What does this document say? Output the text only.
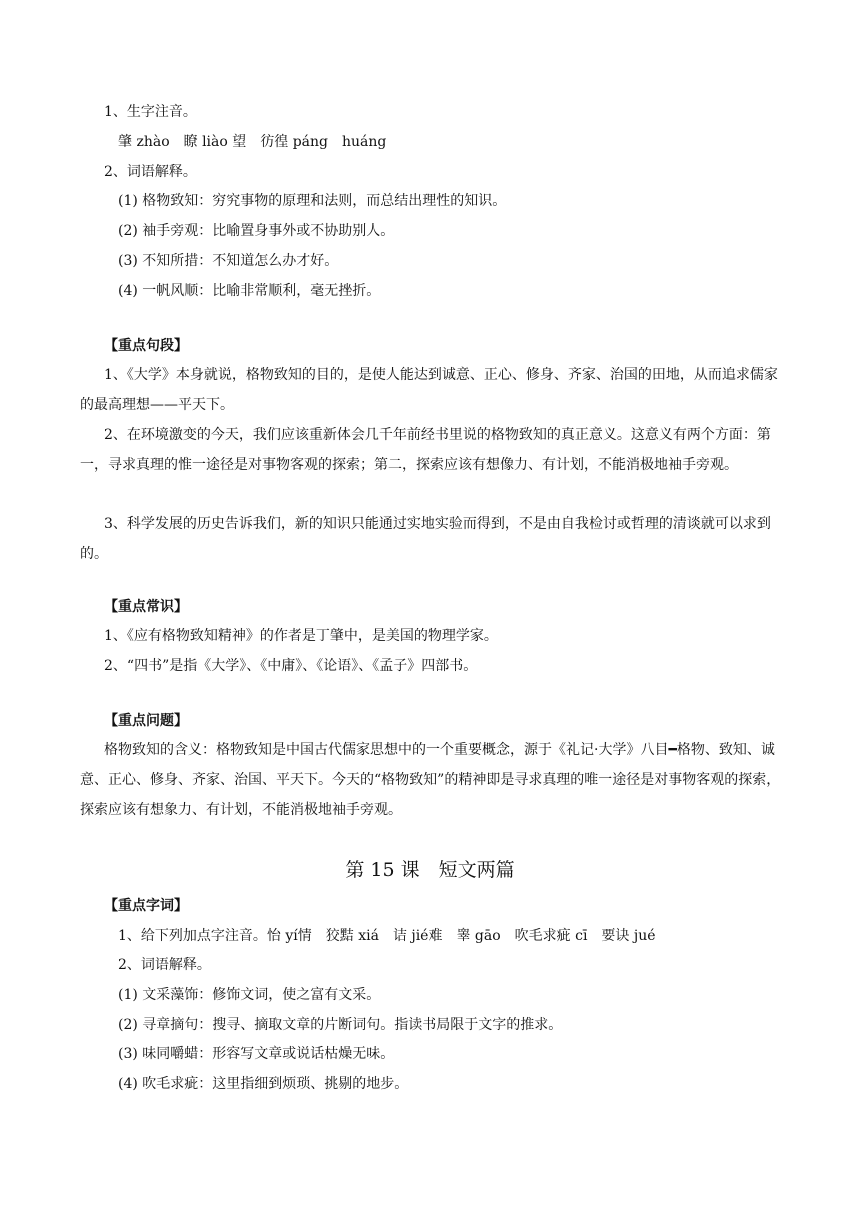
1、生字注音。
肇 zhào　瞭 liào 望　彷徨 páng　huáng
2、词语解释。
(1) 格物致知：穷究事物的原理和法则，而总结出理性的知识。
(2) 袖手旁观：比喻置身事外或不协助别人。
(3) 不知所措：不知道怎么办才好。
(4) 一帆风顺：比喻非常顺利，毫无挫折。
【重点句段】

1、《大学》本身就说，格物致知的目的，是使人能达到诚意、正心、修身、齐家、治国的田地，从而追求儒家的最高理想——平天下。

2、在环境激变的今天，我们应该重新体会几千年前经书里说的格物致知的真正意义。这意义有两个方面：第一，寻求真理的惟一途径是对事物客观的探索；第二，探索应该有想像力、有计划，不能消极地袖手旁观。

3、科学发展的历史告诉我们，新的知识只能通过实地实验而得到，不是由自我检讨或哲理的清谈就可以求到的。

【重点常识】
1、《应有格物致知精神》的作者是丁肇中，是美国的物理学家。
2、“四书”是指《大学》、《中庸》、《论语》、《孟子》四部书。
【重点问题】

格物致知的含义：格物致知是中国古代儒家思想中的一个重要概念，源于《礼记·大学》八目━格物、致知、诚意、正心、修身、齐家、治国、平天下。今天的“格物致知”的精神即是寻求真理的唯一途径是对事物客观的探索，探索应该有想象力、有计划，不能消极地袖手旁观。

第 15 课　短文两篇
【重点字词】
1、给下列加点字注音。怡 yí情　狡黠 xiá　诘 jié难　睾 gāo　吹毛求疵 cī　要诀 jué
2、词语解释。
(1) 文采藻饰：修饰文词，使之富有文采。
(2) 寻章摘句：搜寻、摘取文章的片断词句。指读书局限于文字的推求。
(3) 味同嚼蜡：形容写文章或说话枯燥无味。
(4) 吹毛求疵：这里指细到烦琐、挑剔的地步。
